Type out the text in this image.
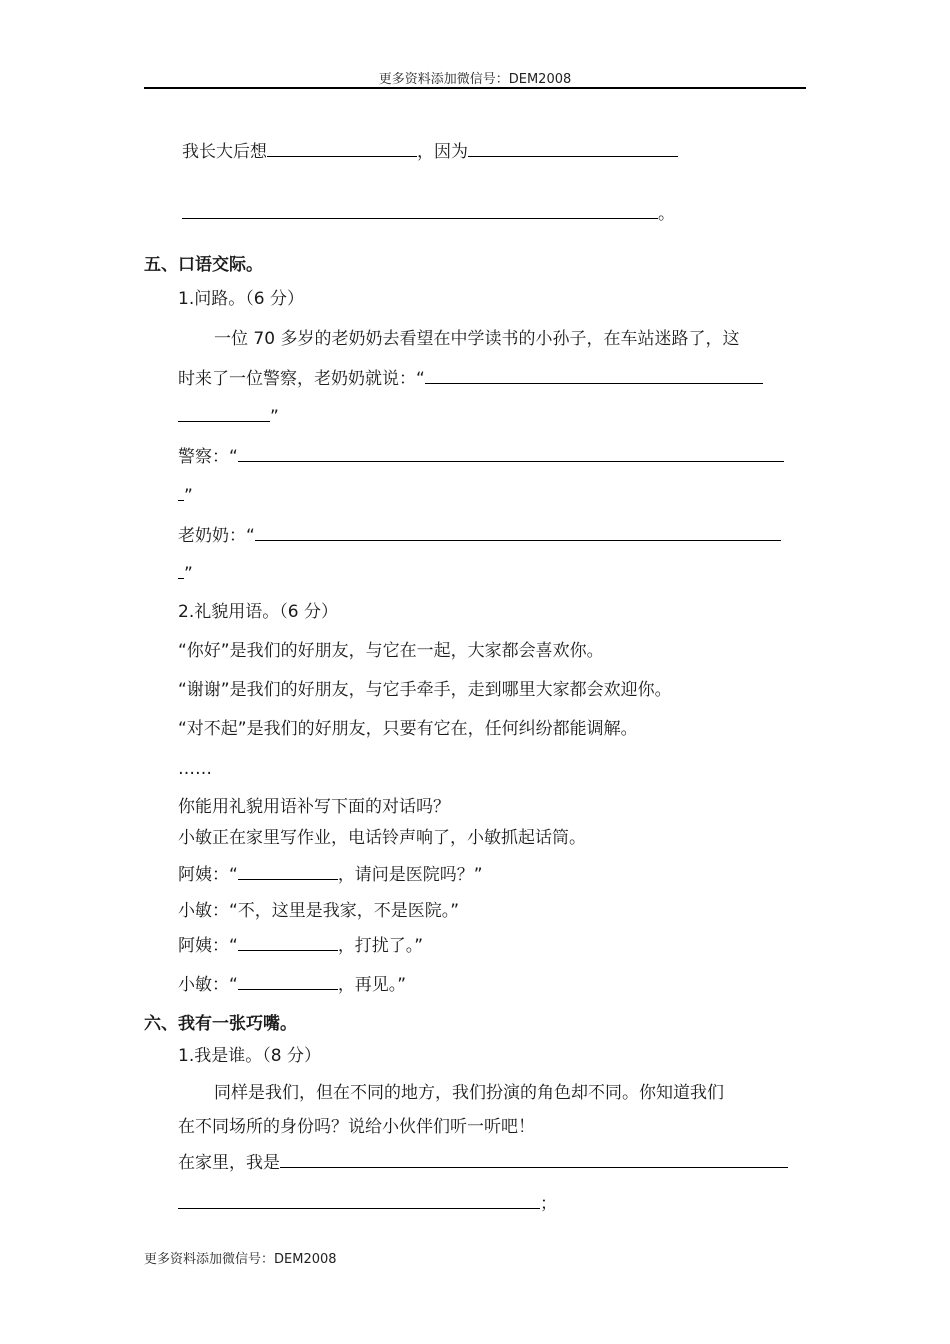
更多资料添加微信号：DEM2008
我长大后想	，因为
。
五、口语交际。
1.问路。（6 分）
一位 70 多岁的老奶奶去看望在中学读书的小孙子，在车站迷路了，这
时来了一位警察，老奶奶就说：“
”
警察：“
”
老奶奶：“
”
2.礼貌用语。（6 分）
“你好”是我们的好朋友，与它在一起，大家都会喜欢你。
“谢谢”是我们的好朋友，与它手牵手，走到哪里大家都会欢迎你。
“对不起”是我们的好朋友，只要有它在，任何纠纷都能调解。
……
你能用礼貌用语补写下面的对话吗？
小敏正在家里写作业，电话铃声响了，小敏抓起话筒。
阿姨：“	，请问是医院吗？”
小敏：“不，这里是我家，不是医院。”
阿姨：“	，打扰了。”
小敏：“	，再见。”
六、我有一张巧嘴。
1.我是谁。（8 分）
同样是我们，但在不同的地方，我们扮演的角色却不同。你知道我们
在不同场所的身份吗？说给小伙伴们听一听吧！
在家里，我是
；
更多资料添加微信号：DEM2008
